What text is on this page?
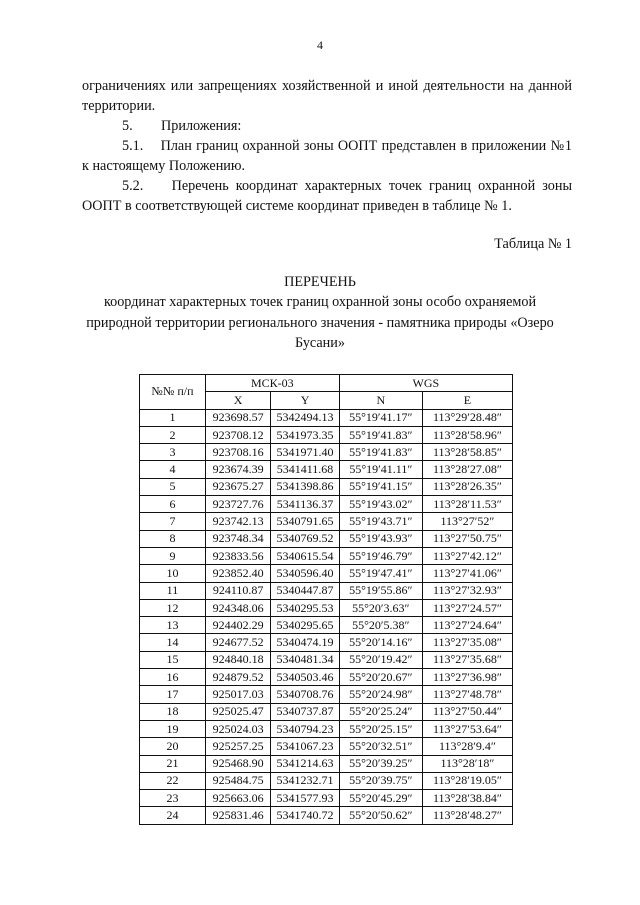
4
ограничениях или запрещениях хозяйственной и иной деятельности на данной территории.
5.        Приложения:
5.1.    План границ охранной зоны ООПТ представлен в приложении №1 к настоящему Положению.
5.2.    Перечень координат характерных точек границ охранной зоны ООПТ в соответствующей системе координат приведен в таблице № 1.
Таблица № 1
ПЕРЕЧЕНЬ
координат характерных точек границ охранной зоны особо охраняемой природной территории регионального значения - памятника природы «Озеро Бусани»
№№ п/п	МСК-03		WGS	
	X	Y	N	E
1	923698.57	5342494.13	55°19′41.17″	113°29′28.48″
2	923708.12	5341973.35	55°19′41.83″	113°28′58.96″
3	923708.16	5341971.40	55°19′41.83″	113°28′58.85″
4	923674.39	5341411.68	55°19′41.11″	113°28′27.08″
5	923675.27	5341398.86	55°19′41.15″	113°28′26.35″
6	923727.76	5341136.37	55°19′43.02″	113°28′11.53″
7	923742.13	5340791.65	55°19′43.71″	113°27′52″
8	923748.34	5340769.52	55°19′43.93″	113°27′50.75″
9	923833.56	5340615.54	55°19′46.79″	113°27′42.12″
10	923852.40	5340596.40	55°19′47.41″	113°27′41.06″
11	924110.87	5340447.87	55°19′55.86″	113°27′32.93″
12	924348.06	5340295.53	55°20′3.63″	113°27′24.57″
13	924402.29	5340295.65	55°20′5.38″	113°27′24.64″
14	924677.52	5340474.19	55°20′14.16″	113°27′35.08″
15	924840.18	5340481.34	55°20′19.42″	113°27′35.68″
16	924879.52	5340503.46	55°20′20.67″	113°27′36.98″
17	925017.03	5340708.76	55°20′24.98″	113°27′48.78″
18	925025.47	5340737.87	55°20′25.24″	113°27′50.44″
19	925024.03	5340794.23	55°20′25.15″	113°27′53.64″
20	925257.25	5341067.23	55°20′32.51″	113°28′9.4″
21	925468.90	5341214.63	55°20′39.25″	113°28′18″
22	925484.75	5341232.71	55°20′39.75″	113°28′19.05″
23	925663.06	5341577.93	55°20′45.29″	113°28′38.84″
24	925831.46	5341740.72	55°20′50.62″	113°28′48.27″
